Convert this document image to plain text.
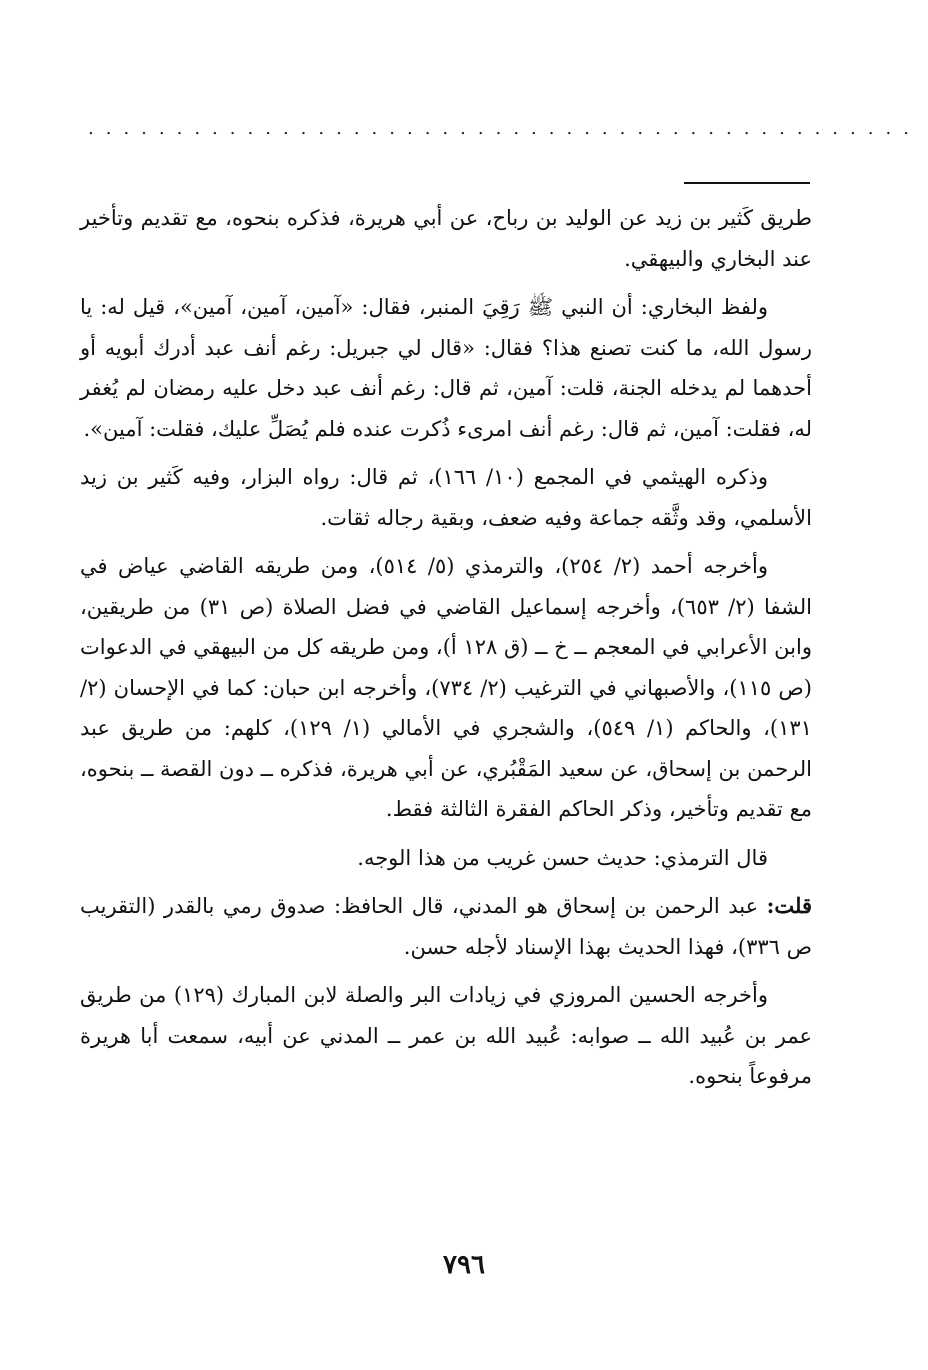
...............................................

طريق كَثير بن زيد عن الوليد بن رباح، عن أبي هريرة، فذكره بنحوه، مع تقديم وتأخير عند البخاري والبيهقي.

ولفظ البخاري: أن النبي ﷺ رَقِيَ المنبر، فقال: «آمين، آمين، آمين»، قيل له: يا رسول الله، ما كنت تصنع هذا؟ فقال: «قال لي جبريل: رغم أنف عبد أدرك أبويه أو أحدهما لم يدخله الجنة، قلت: آمين، ثم قال: رغم أنف عبد دخل عليه رمضان لم يُغفر له، فقلت: آمين، ثم قال: رغم أنف امرىء ذُكرت عنده فلم يُصَلِّ عليك، فقلت: آمين».

وذكره الهيثمي في المجمع (١٠/ ١٦٦)، ثم قال: رواه البزار، وفيه كَثير بن زيد الأسلمي، وقد وثَّقه جماعة وفيه ضعف، وبقية رجاله ثقات.

وأخرجه أحمد (٢/ ٢٥٤)، والترمذي (٥/ ٥١٤)، ومن طريقه القاضي عياض في الشفا (٢/ ٦٥٣)، وأخرجه إسماعيل القاضي في فضل الصلاة (ص ٣١) من طريقين، وابن الأعرابي في المعجم ــ خ ــ (ق ١٢٨ أ)، ومن طريقه كل من البيهقي في الدعوات (ص ١١٥)، والأصبهاني في الترغيب (٢/ ٧٣٤)، وأخرجه ابن حبان: كما في الإحسان (٢/ ١٣١)، والحاكم (١/ ٥٤٩)، والشجري في الأمالي (١/ ١٢٩)، كلهم: من طريق عبد الرحمن بن إسحاق، عن سعيد المَقْبُري، عن أبي هريرة، فذكره ــ دون القصة ــ بنحوه، مع تقديم وتأخير، وذكر الحاكم الفقرة الثالثة فقط.

قال الترمذي: حديث حسن غريب من هذا الوجه.

قلت: عبد الرحمن بن إسحاق هو المدني، قال الحافظ: صدوق رمي بالقدر (التقريب ص ٣٣٦)، فهذا الحديث بهذا الإسناد لأجله حسن.

وأخرجه الحسين المروزي في زيادات البر والصلة لابن المبارك (١٢٩) من طريق عمر بن عُبيد الله ــ صوابه: عُبيد الله بن عمر ــ المدني عن أبيه، سمعت أبا هريرة مرفوعاً بنحوه.

٧٩٦
